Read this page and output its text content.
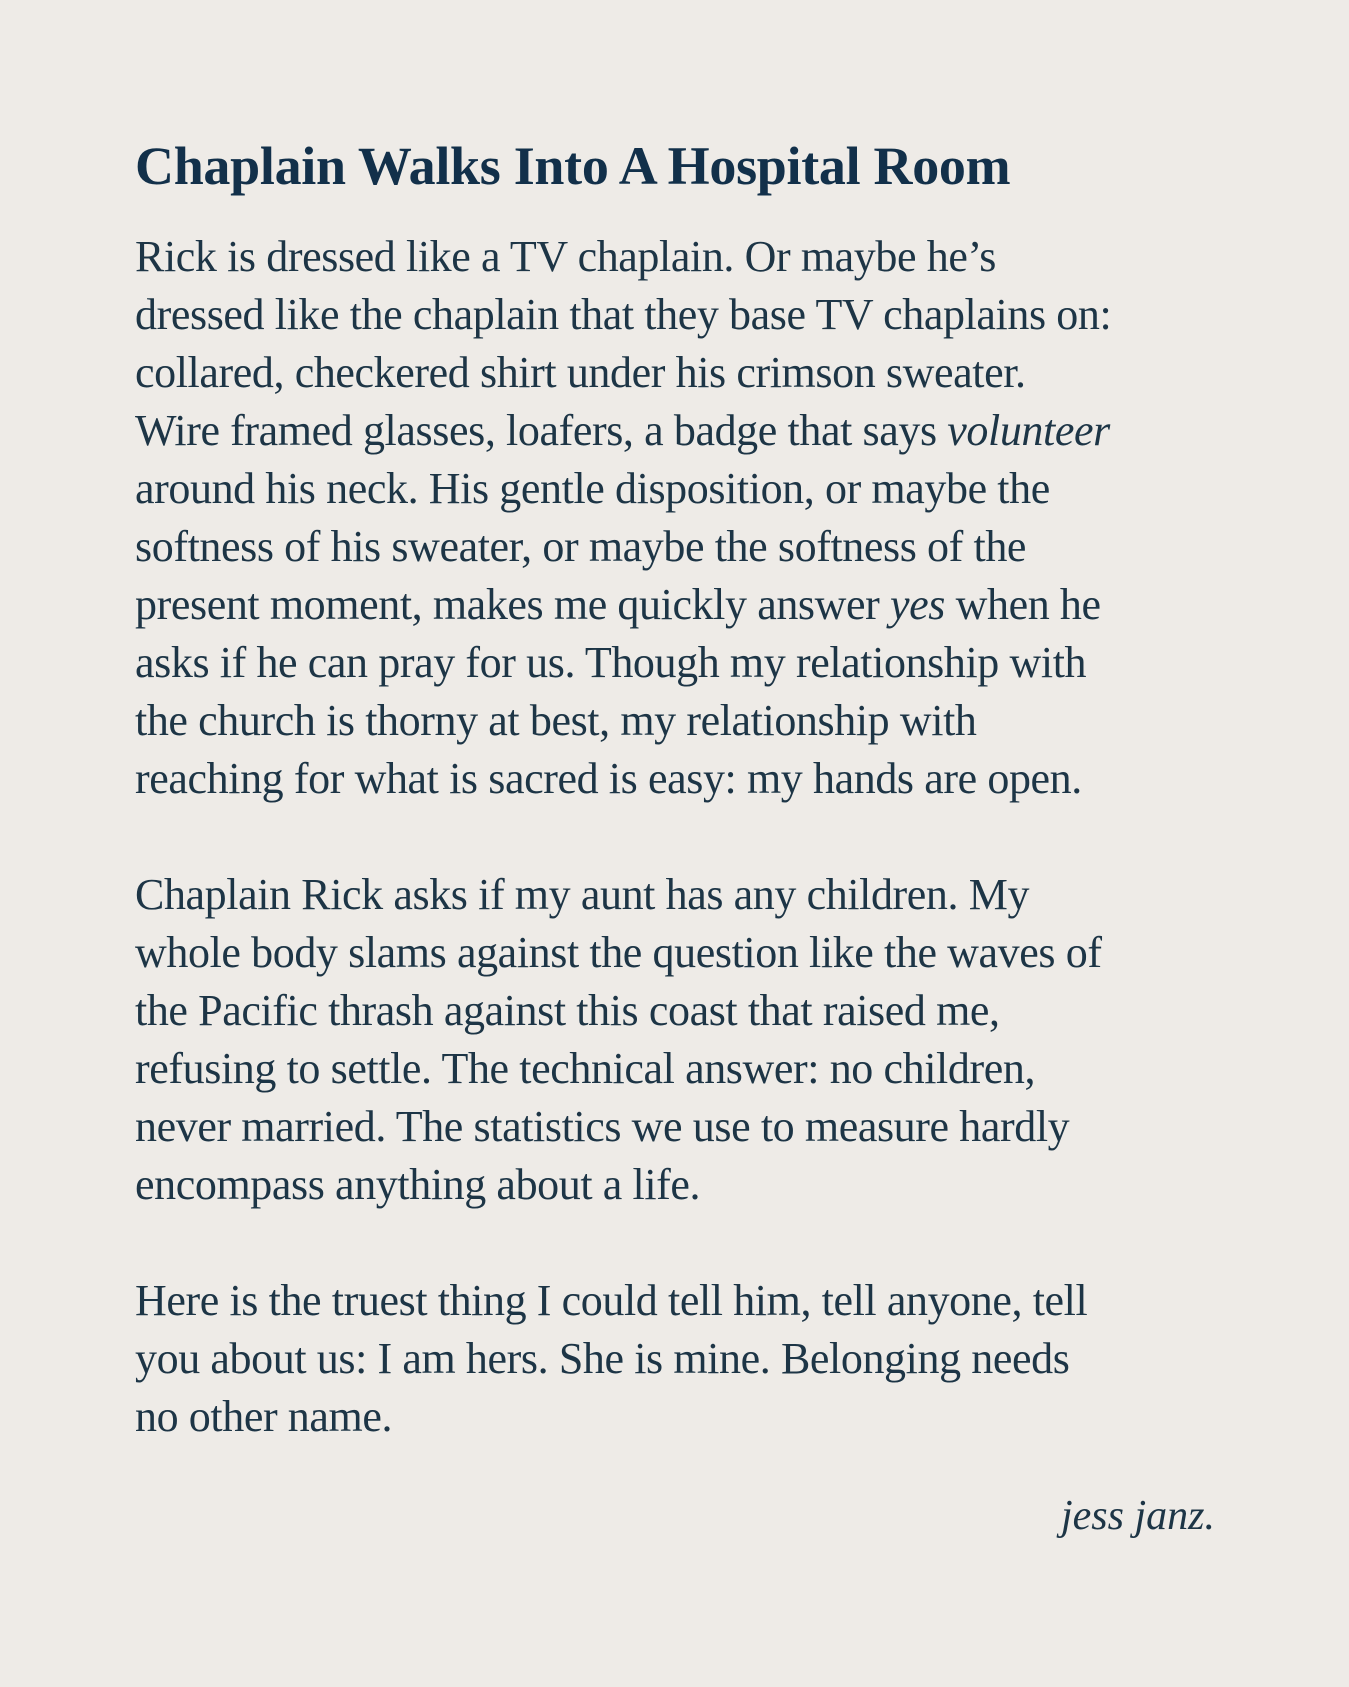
Chaplain Walks Into A Hospital Room

Rick is dressed like a TV chaplain. Or maybe he’s
dressed like the chaplain that they base TV chaplains on:
collared, checkered shirt under his crimson sweater.
Wire framed glasses, loafers, a badge that says volunteer
around his neck. His gentle disposition, or maybe the
softness of his sweater, or maybe the softness of the
present moment, makes me quickly answer yes when he
asks if he can pray for us. Though my relationship with
the church is thorny at best, my relationship with
reaching for what is sacred is easy: my hands are open.

Chaplain Rick asks if my aunt has any children. My
whole body slams against the question like the waves of
the Pacific thrash against this coast that raised me,
refusing to settle. The technical answer: no children,
never married. The statistics we use to measure hardly
encompass anything about a life.

Here is the truest thing I could tell him, tell anyone, tell
you about us: I am hers. She is mine. Belonging needs
no other name.

jess janz.
